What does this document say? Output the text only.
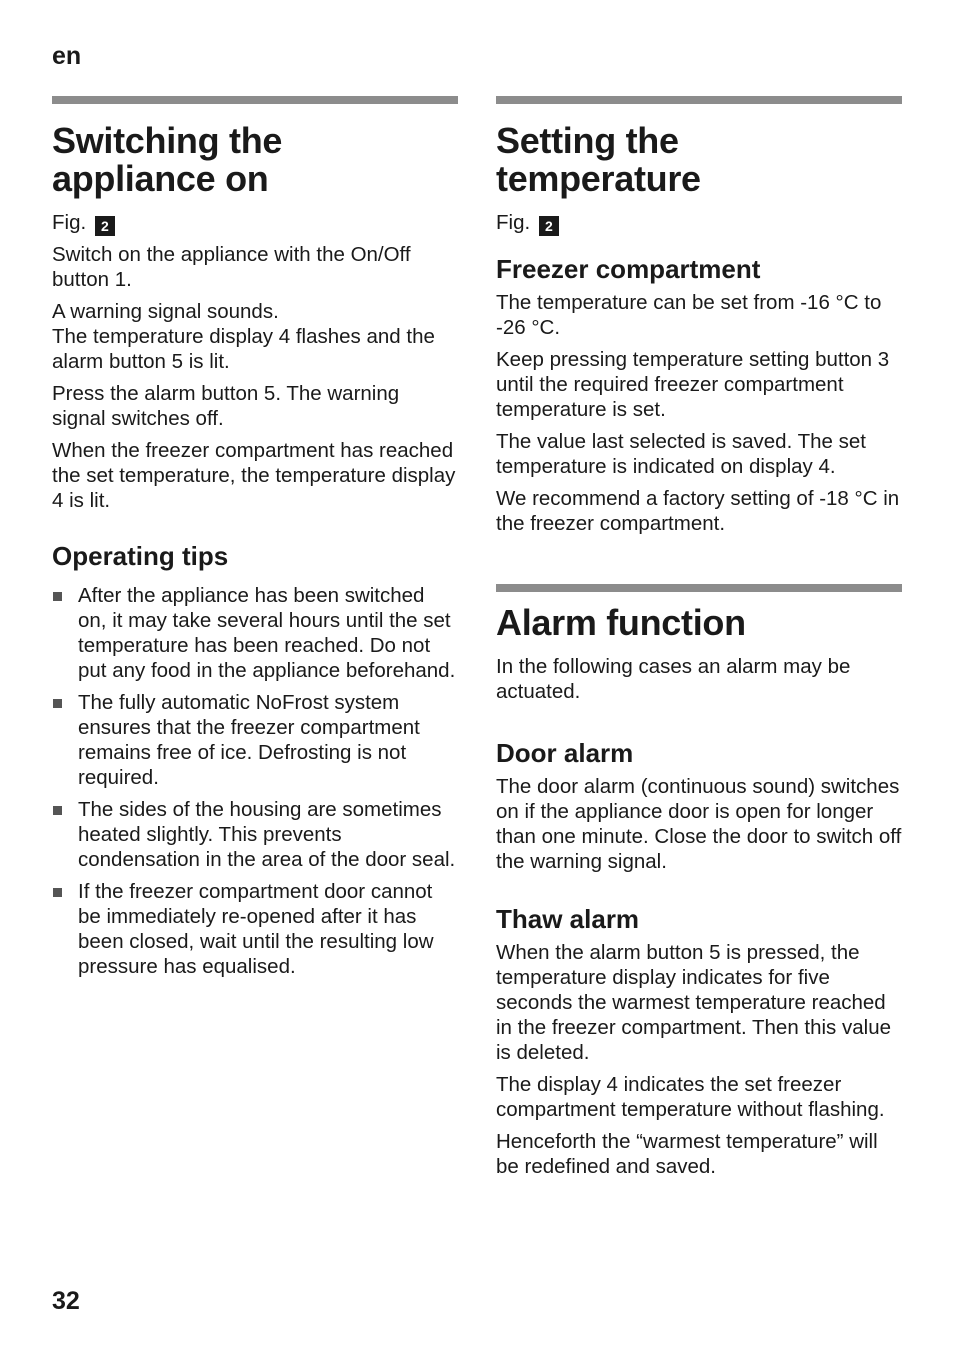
en
Switching the appliance on
Fig. 2

Switch on the appliance with the On/Off button 1.

A warning signal sounds.
The temperature display 4 flashes and the alarm button 5 is lit.

Press the alarm button 5. The warning signal switches off.

When the freezer compartment has reached the set temperature, the temperature display 4 is lit.

Operating tips
After the appliance has been switched on, it may take several hours until the set temperature has been reached. Do not put any food in the appliance beforehand.
The fully automatic NoFrost system ensures that the freezer compartment remains free of ice. Defrosting is not required.
The sides of the housing are sometimes heated slightly. This prevents condensation in the area of the door seal.
If the freezer compartment door cannot be immediately re-opened after it has been closed, wait until the resulting low pressure has equalised.
Setting the temperature
Fig. 2
Freezer compartment

The temperature can be set from -16 °C to -26 °C.

Keep pressing temperature setting button 3 until the required freezer compartment temperature is set.

The value last selected is saved. The set temperature is indicated on display 4.

We recommend a factory setting of -18 °C in the freezer compartment.

Alarm function

In the following cases an alarm may be actuated.

Door alarm

The door alarm (continuous sound) switches on if the appliance door is open for longer than one minute. Close the door to switch off the warning signal.

Thaw alarm

When the alarm button 5 is pressed, the temperature display indicates for five seconds the warmest temperature reached in the freezer compartment. Then this value is deleted.

The display 4 indicates the set freezer compartment temperature without flashing.

Henceforth the “warmest temperature” will be redefined and saved.

32
